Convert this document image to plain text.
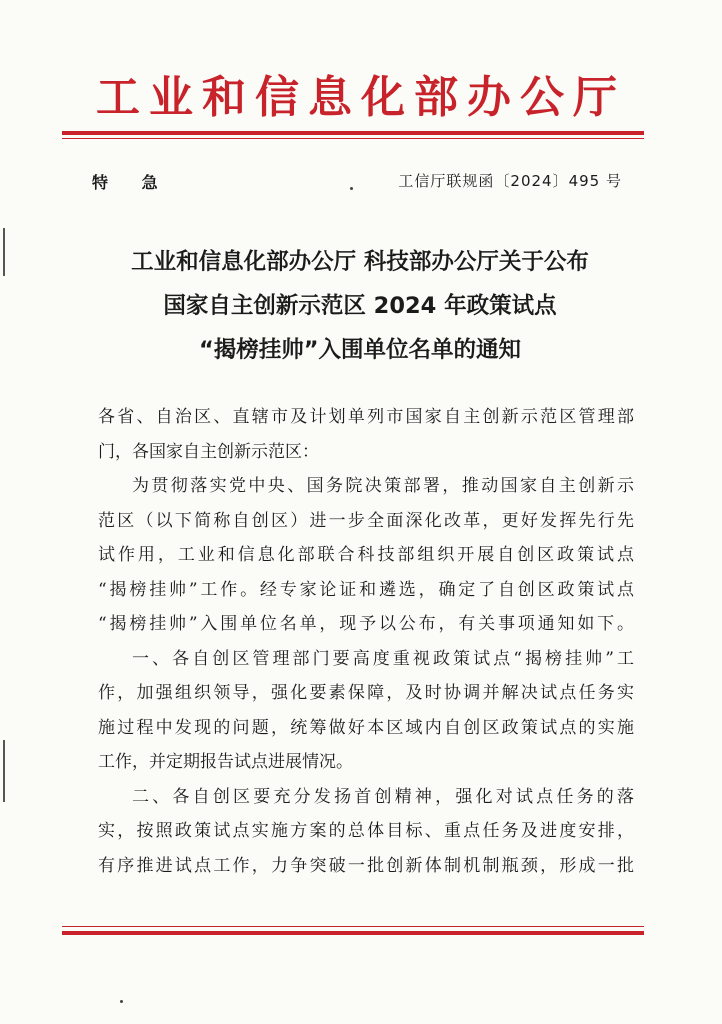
工业和信息化部办公厅
特 急	工信厅联规函〔2024〕495 号
工业和信息化部办公厅 科技部办公厅关于公布
国家自主创新示范区 2024 年政策试点
“揭榜挂帅”入围单位名单的通知
各省、自治区、直辖市及计划单列市国家自主创新示范区管理部
门，各国家自主创新示范区：
为贯彻落实党中央、国务院决策部署，推动国家自主创新示
范区（以下简称自创区）进一步全面深化改革，更好发挥先行先
试作用，工业和信息化部联合科技部组织开展自创区政策试点
“揭榜挂帅”工作。经专家论证和遴选，确定了自创区政策试点
“揭榜挂帅”入围单位名单，现予以公布，有关事项通知如下。
一、各自创区管理部门要高度重视政策试点“揭榜挂帅”工
作，加强组织领导，强化要素保障，及时协调并解决试点任务实
施过程中发现的问题，统筹做好本区域内自创区政策试点的实施
工作，并定期报告试点进展情况。
二、各自创区要充分发扬首创精神，强化对试点任务的落
实，按照政策试点实施方案的总体目标、重点任务及进度安排，
有序推进试点工作，力争突破一批创新体制机制瓶颈，形成一批
